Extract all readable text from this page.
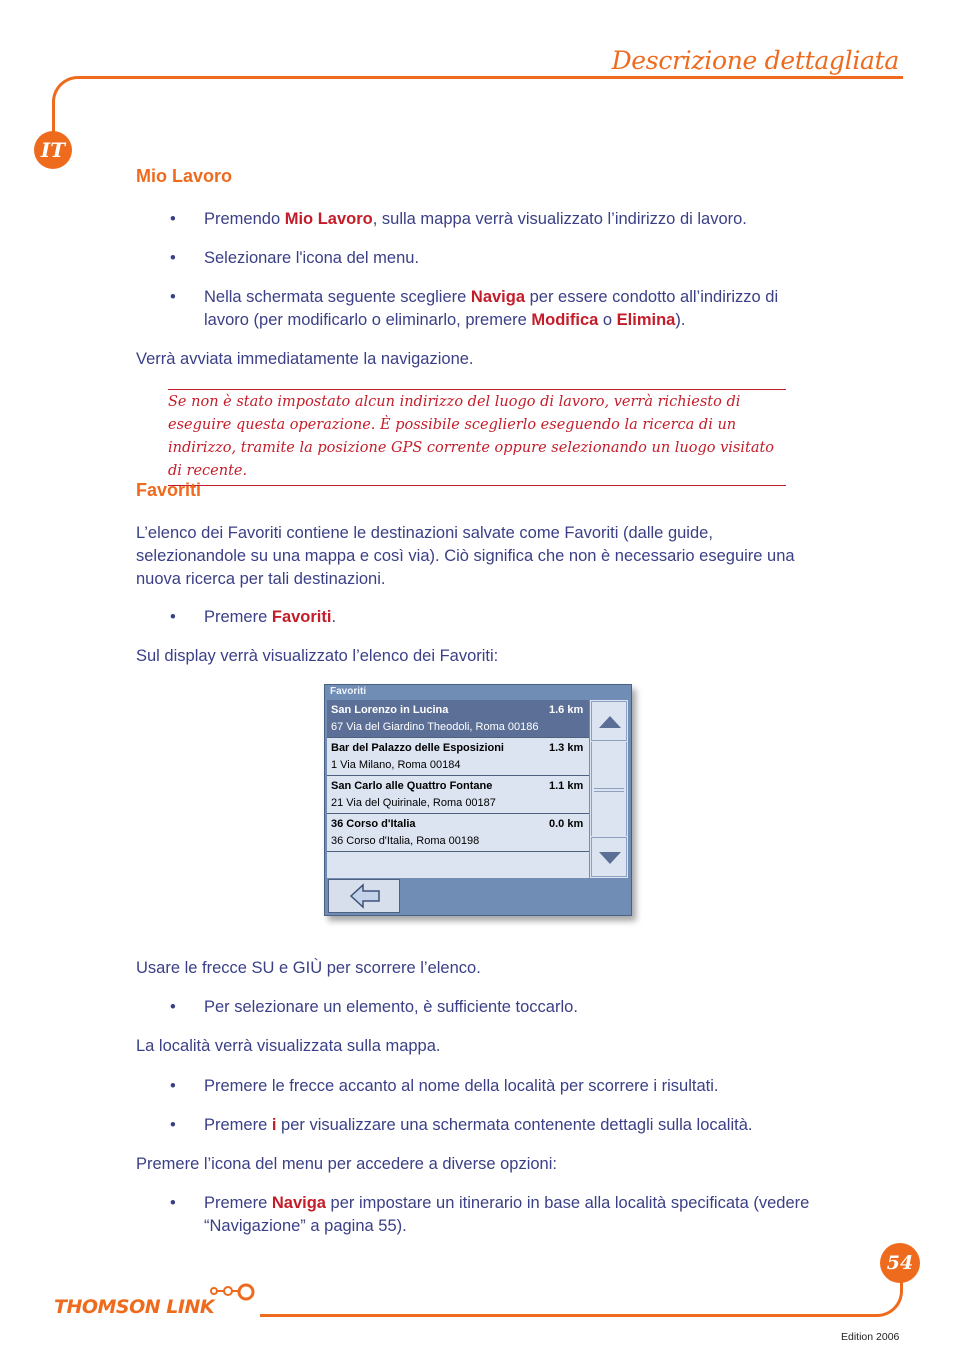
Descrizione dettagliata
IT
Mio Lavoro
• Premendo Mio Lavoro, sulla mappa verrà visualizzato l’indirizzo di lavoro.
• Selezionare l'icona del menu.
• Nella schermata seguente scegliere Naviga per essere condotto all’indirizzo di lavoro (per modificarlo o eliminarlo, premere Modifica o Elimina).
Verrà avviata immediatamente la navigazione.
Se non è stato impostato alcun indirizzo del luogo di lavoro, verrà richiesto di eseguire questa operazione. È possibile sceglierlo eseguendo la ricerca di un indirizzo, tramite la posizione GPS corrente oppure selezionando un luogo visitato di recente.
Favoriti
L’elenco dei Favoriti contiene le destinazioni salvate come Favoriti (dalle guide, selezionandole su una mappa e così via). Ciò significa che non è necessario eseguire una nuova ricerca per tali destinazioni.
• Premere Favoriti.
Sul display verrà visualizzato l’elenco dei Favoriti:
Favoriti
San Lorenzo in Lucina	1.6 km
67 Via del Giardino Theodoli, Roma 00186
Bar del Palazzo delle Esposizioni	1.3 km
1 Via Milano, Roma 00184
San Carlo alle Quattro Fontane	1.1 km
21 Via del Quirinale, Roma 00187
36 Corso d'Italia	0.0 km
36 Corso d'Italia, Roma 00198
Usare le frecce SU e GIÙ per scorrere l’elenco.
• Per selezionare un elemento, è sufficiente toccarlo.
La località verrà visualizzata sulla mappa.
• Premere le frecce accanto al nome della località per scorrere i risultati.
• Premere i per visualizzare una schermata contenente dettagli sulla località.
Premere l’icona del menu per accedere a diverse opzioni:
• Premere Naviga per impostare un itinerario in base alla località specificata (vedere “Navigazione” a pagina 55).
54
THOMSON LINK
Edition 2006
